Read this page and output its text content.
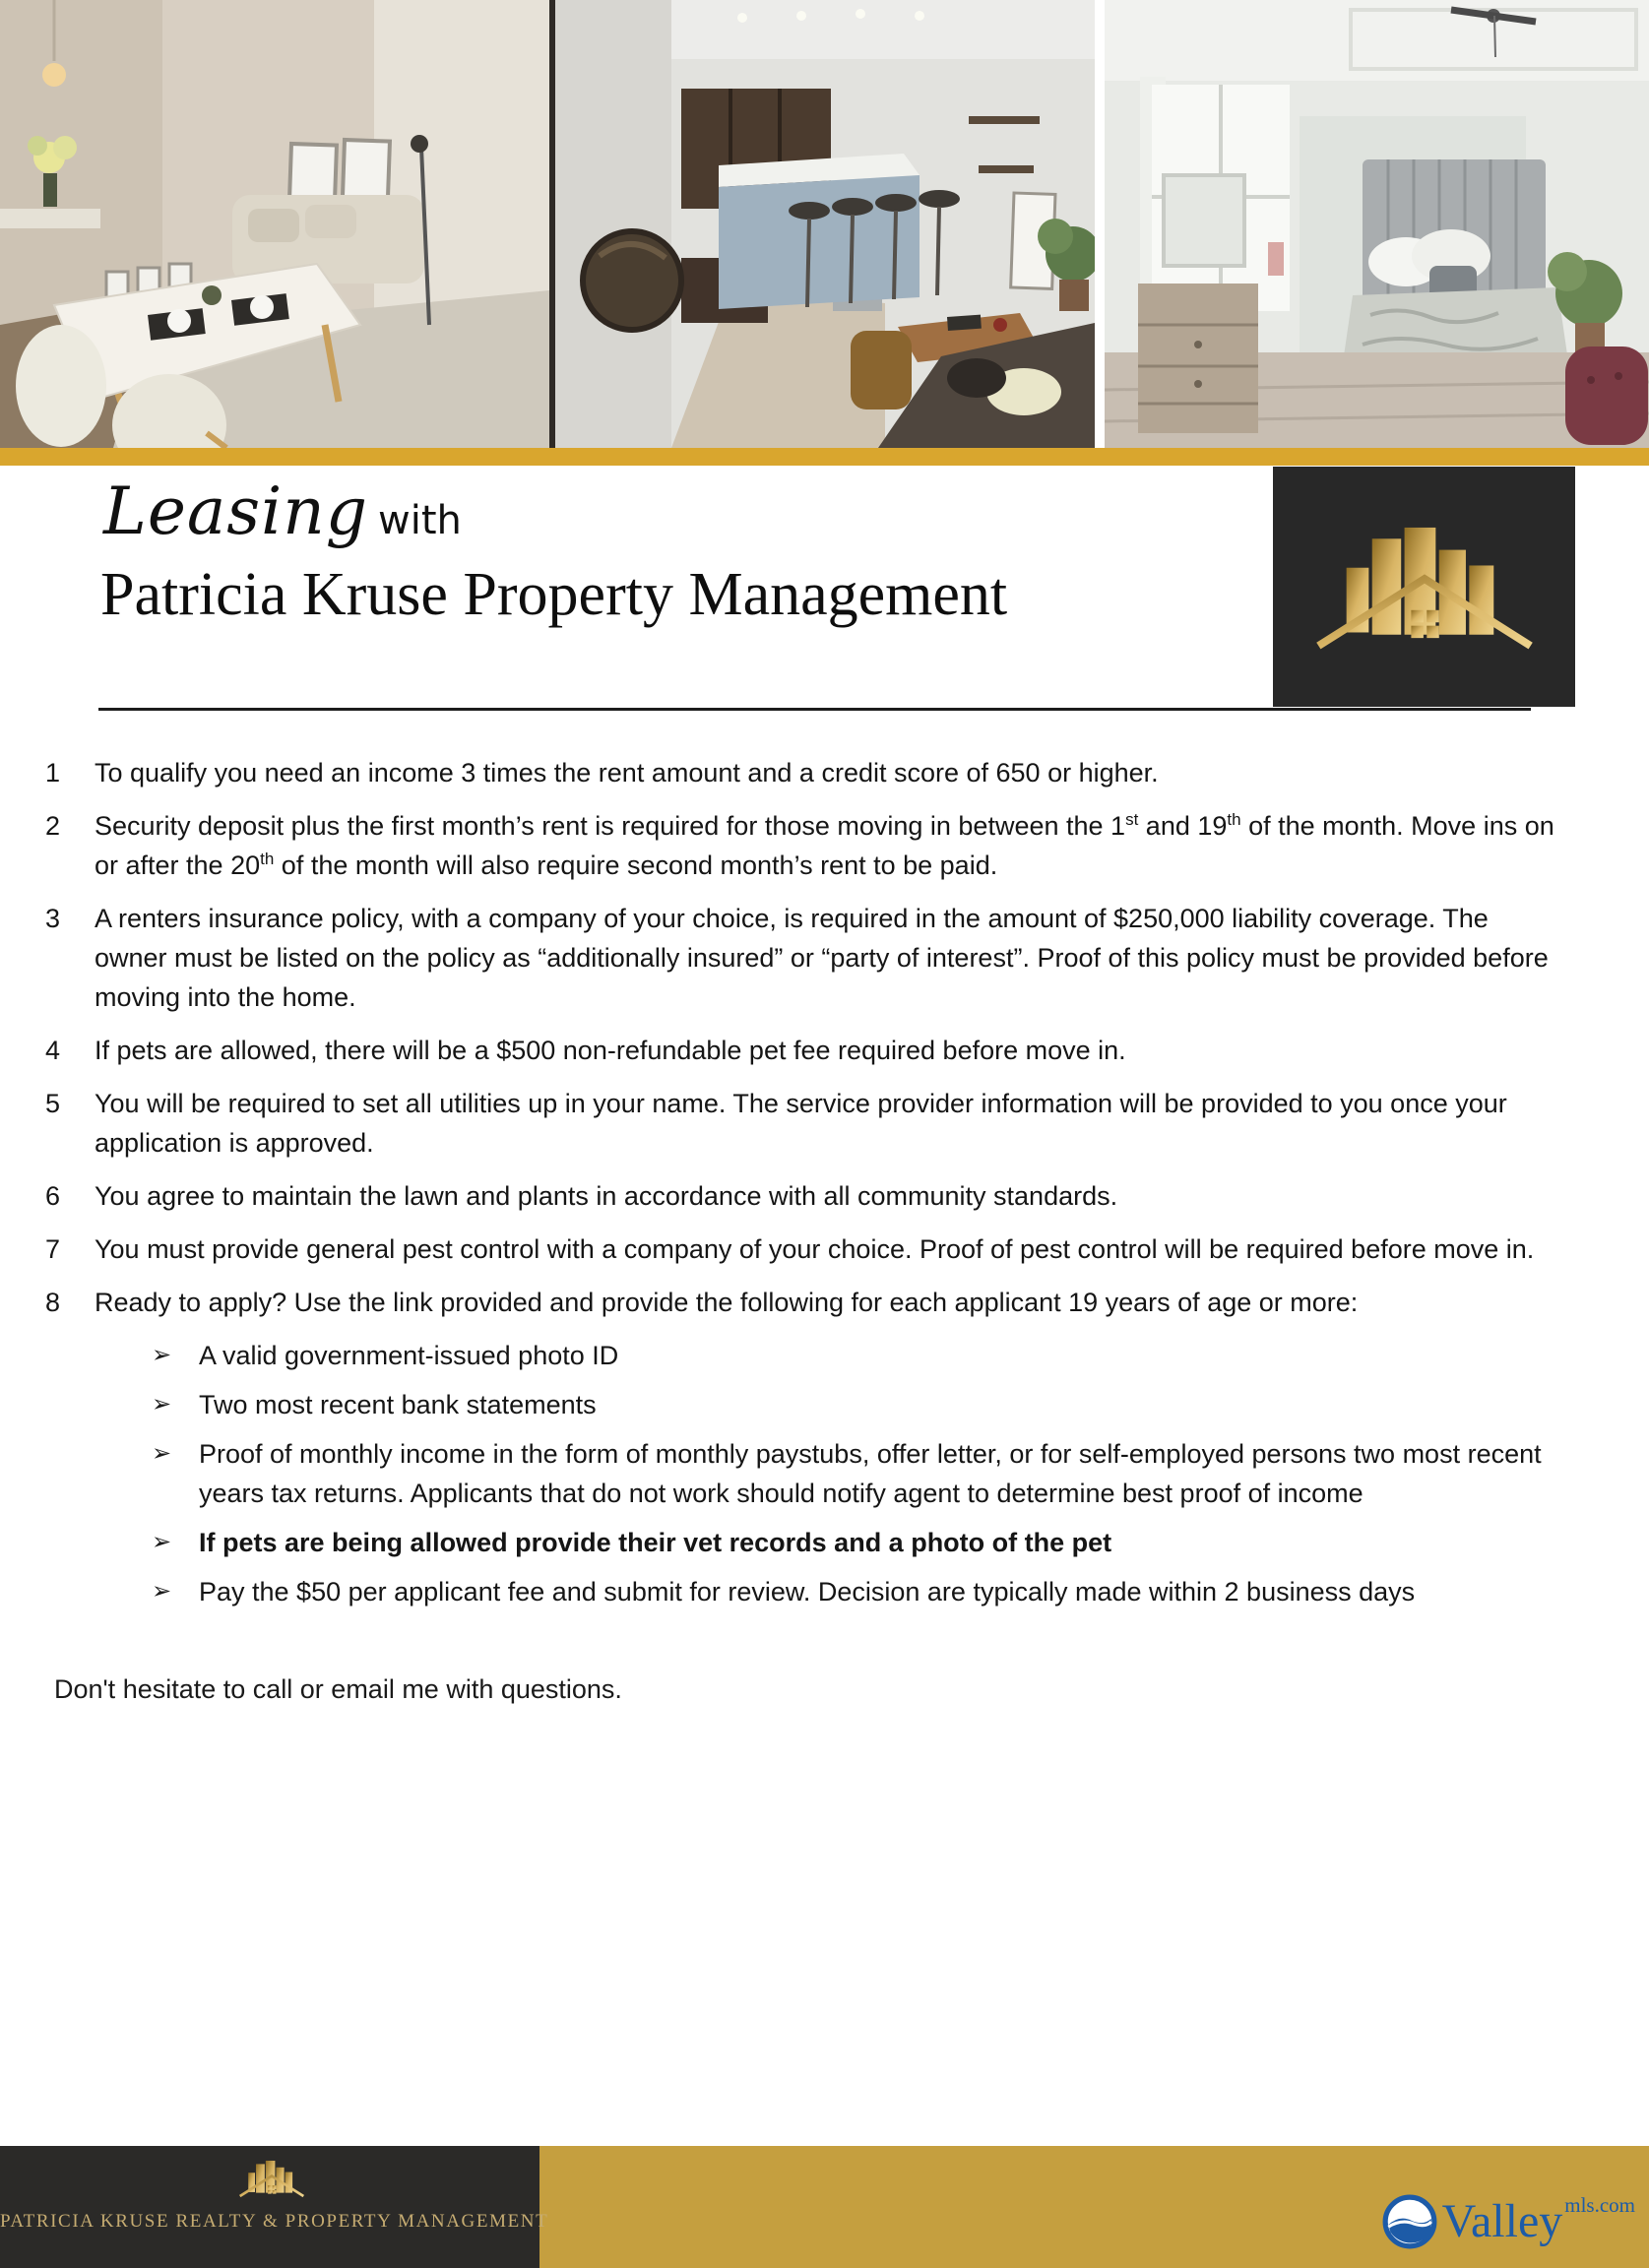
Leasing with
Patricia Kruse Property Management
1	To qualify you need an income 3 times the rent amount and a credit score of 650 or higher.
2	Security deposit plus the first month’s rent is required for those moving in between the 1st and 19th of the month. Move ins on or after the 20th of the month will also require second month’s rent to be paid.
3	A renters insurance policy, with a company of your choice, is required in the amount of $250,000 liability coverage. The owner must be listed on the policy as “additionally insured” or “party of interest”. Proof of this policy must be provided before moving into the home.
4	If pets are allowed, there will be a $500 non-refundable pet fee required before move in.
5	You will be required to set all utilities up in your name. The service provider information will be provided to you once your application is approved.
6	You agree to maintain the lawn and plants in accordance with all community standards.
7	You must provide general pest control with a company of your choice. Proof of pest control will be required before move in.
8	Ready to apply? Use the link provided and provide the following for each applicant 19 years of age or more:
➢	A valid government-issued photo ID
➢	Two most recent bank statements
➢	Proof of monthly income in the form of monthly paystubs, offer letter, or for self-employed persons two most recent years tax returns. Applicants that do not work should notify agent to determine best proof of income
➢	If pets are being allowed provide their vet records and a photo of the pet
➢	Pay the $50 per applicant fee and submit for review. Decision are typically made within 2 business days
Don't hesitate to call or email me with questions.
PATRICIA KRUSE REALTY & PROPERTY MANAGEMENT	Valley mls.com
